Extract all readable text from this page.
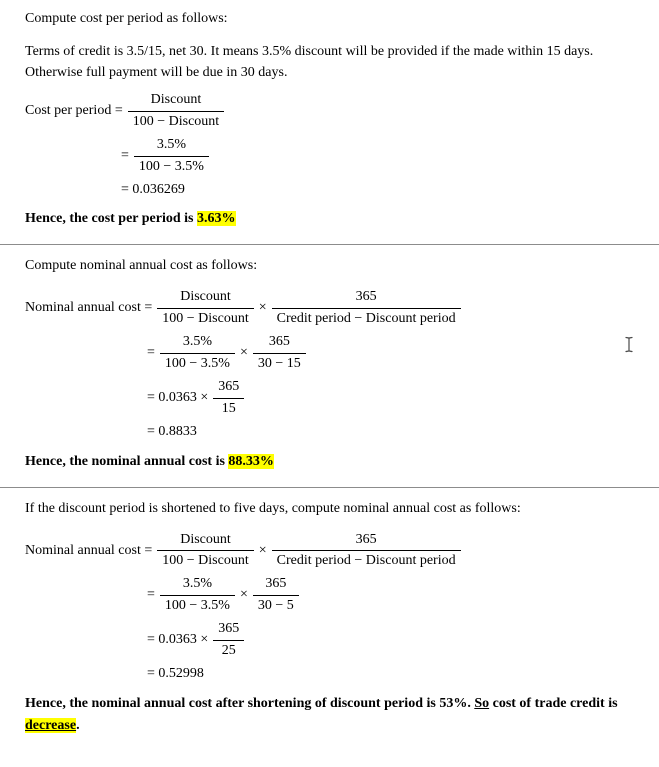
Compute cost per period as follows:

Terms of credit is 3.5/15, net 30. It means 3.5% discount will be provided if the made within 15 days. Otherwise full payment will be due in 30 days.

Cost per period = $\frac{\text{Discount}}{\text{100 − Discount}}$
= $\frac{3.5\%}{100 - 3.5\%}$
= 0.036269

Hence, the cost per period is 3.63%

Compute nominal annual cost as follows:

Nominal annual $\cos t = \frac{\text{Discount}}{\text{100 − Discount}} \times \frac{365}{\text{Credit period − Discount period}}$
= $\frac{3.5\%}{100 - 3.5\%} \times \frac{365}{30 - 15}$
= $0.0363 \times \frac{365}{15}$
= 0.8833

Hence, the nominal annual cost is 88.33%

If the discount period is shortened to five days, compute nominal annual cost as follows:

Nominal annual $\cos t = \frac{\text{Discount}}{\text{100 − Discount}} \times \frac{365}{\text{Credit period − Discount period}}$
= $\frac{3.5\%}{100 - 3.5\%} \times \frac{365}{30 - 5}$
= $0.0363 \times \frac{365}{25}$
= 0.52998

Hence, the nominal annual cost after shortening of discount period is 53%. So cost of trade credit is decrease.
